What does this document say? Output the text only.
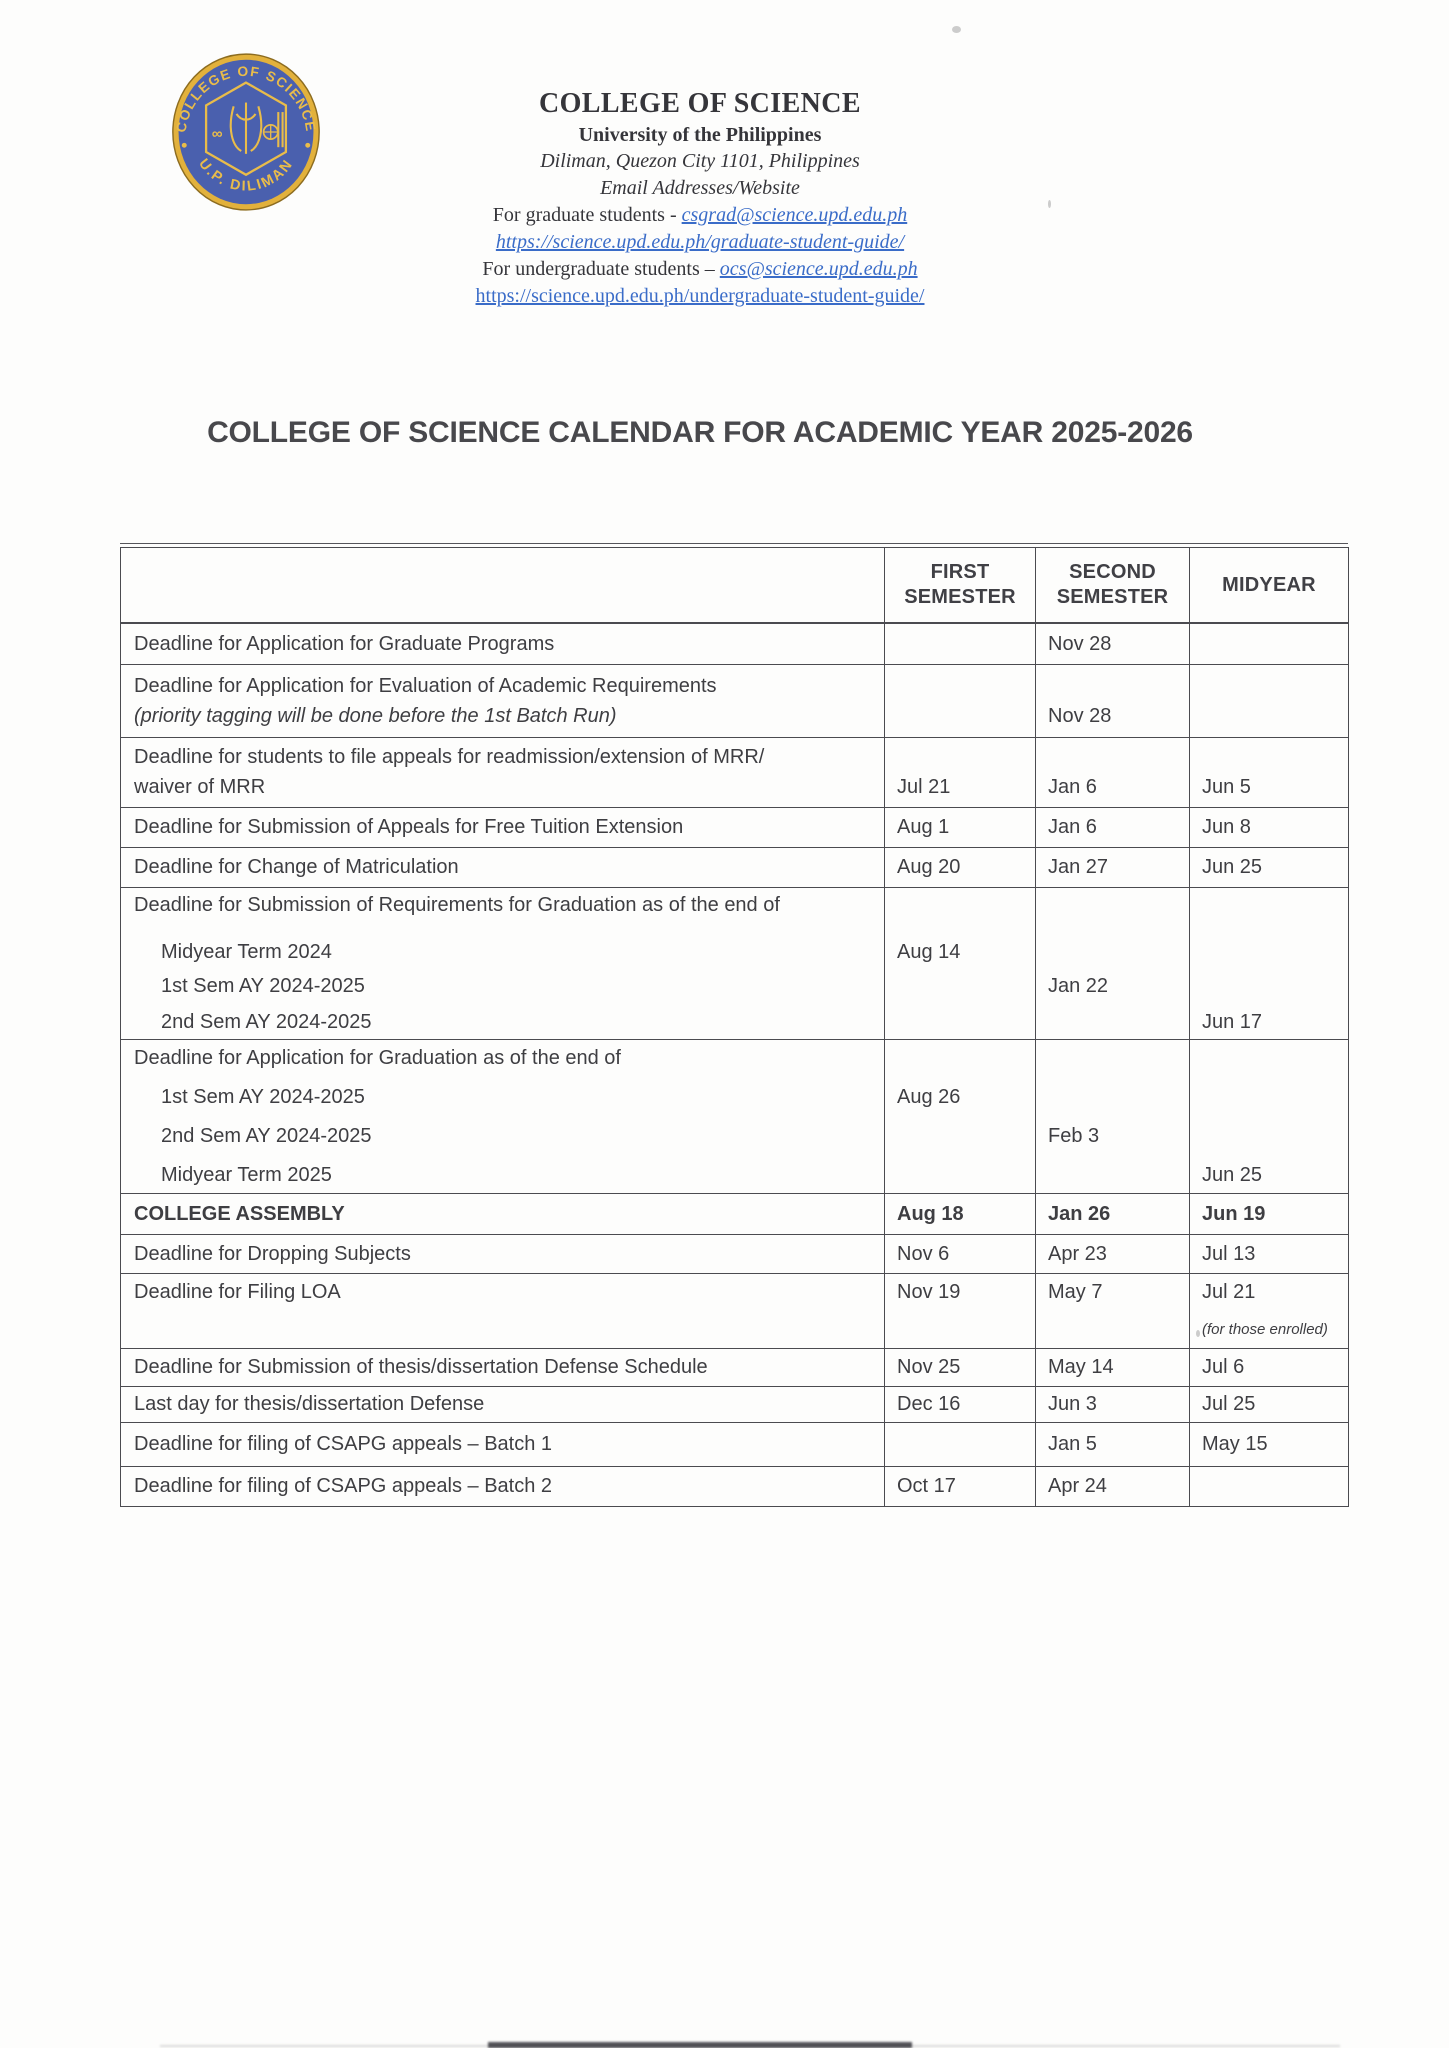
COLLEGE OF SCIENCE
U.P. DILIMAN
∞
COLLEGE OF SCIENCE
University of the Philippines
Diliman, Quezon City 1101, Philippines
Email Addresses/Website
For graduate students - csgrad@science.upd.edu.ph
https://science.upd.edu.ph/graduate-student-guide/
For undergraduate students – ocs@science.upd.edu.ph
https://science.upd.edu.ph/undergraduate-student-guide/
COLLEGE OF SCIENCE CALENDAR FOR ACADEMIC YEAR 2025-2026
	FIRST SEMESTER	SECOND SEMESTER	MIDYEAR

Deadline for Application for Graduate Programs		Nov 28	

Deadline for Application for Evaluation of Academic Requirements
(priority tagging will be done before the 1st Batch Run)		Nov 28	

Deadline for students to file appeals for readmission/extension of MRR/
waiver of MRR	Jul 21	Jan 6	Jun 5

Deadline for Submission of Appeals for Free Tuition Extension	Aug 1	Jan 6	Jun 8

Deadline for Change of Matriculation	Aug 20	Jan 27	Jun 25

Deadline for Submission of Requirements for Graduation as of the end of
Midyear Term 2024
1st Sem AY 2024-2025
2nd Sem AY 2024-2025	Aug 14	Jan 22	Jun 17

Deadline for Application for Graduation as of the end of
1st Sem AY 2024-2025
2nd Sem AY 2024-2025
Midyear Term 2025	Aug 26	Feb 3	Jun 25

COLLEGE ASSEMBLY	Aug 18	Jan 26	Jun 19

Deadline for Dropping Subjects	Nov 6	Apr 23	Jul 13

Deadline for Filing LOA	Nov 19	May 7	Jul 21
(for those enrolled)

Deadline for Submission of thesis/dissertation Defense Schedule	Nov 25	May 14	Jul 6

Last day for thesis/dissertation Defense	Dec 16	Jun 3	Jul 25

Deadline for filing of CSAPG appeals – Batch 1		Jan 5	May 15

Deadline for filing of CSAPG appeals – Batch 2	Oct 17	Apr 24	
